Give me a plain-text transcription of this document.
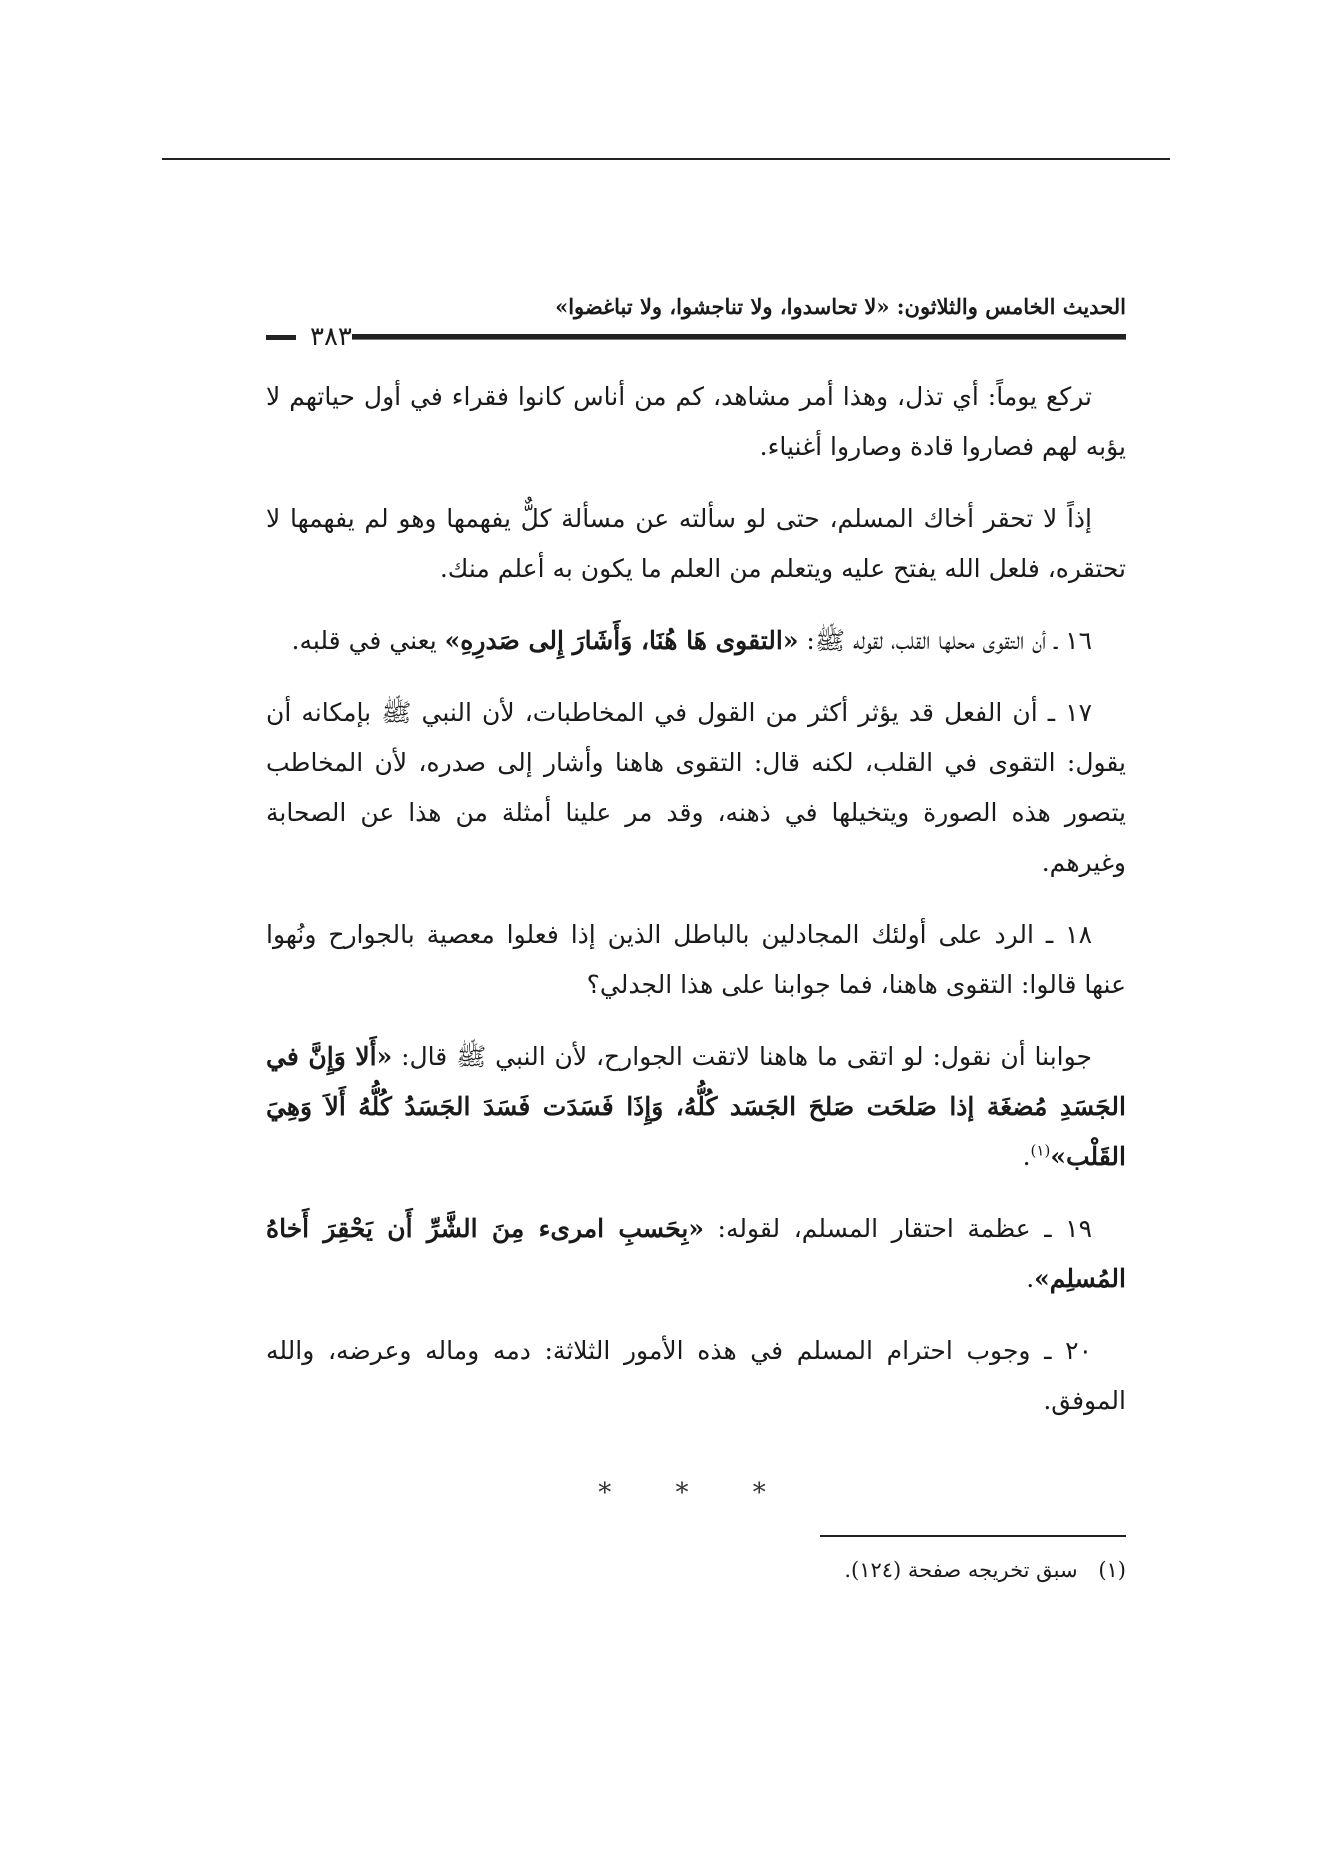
الحديث الخامس والثلاثون: «لا تحاسدوا، ولا تناجشوا، ولا تباغضوا»
٣٨٣

تركع يوماً: أي تذل، وهذا أمر مشاهد، كم من أناس كانوا فقراء في أول حياتهم لا يؤبه لهم فصاروا قادة وصاروا أغنياء.

إذاً لا تحقر أخاك المسلم، حتى لو سألته عن مسألة كلٌّ يفهمها وهو لم يفهمها لا تحتقره، فلعل الله يفتح عليه ويتعلم من العلم ما يكون به أعلم منك.

١٦ ـ أن التقوى محلها القلب، لقوله ﷺ: «التقوى هَا هُنَا، وَأَشَارَ إِلى صَدرِهِ» يعني في قلبه.

١٧ ـ أن الفعل قد يؤثر أكثر من القول في المخاطبات، لأن النبي ﷺ بإمكانه أن يقول: التقوى في القلب، لكنه قال: التقوى هاهنا وأشار إلى صدره، لأن المخاطب يتصور هذه الصورة ويتخيلها في ذهنه، وقد مر علينا أمثلة من هذا عن الصحابة وغيرهم.

١٨ ـ الرد على أولئك المجادلين بالباطل الذين إذا فعلوا معصية بالجوارح ونُهوا عنها قالوا: التقوى هاهنا، فما جوابنا على هذا الجدلي؟

جوابنا أن نقول: لو اتقى ما هاهنا لاتقت الجوارح، لأن النبي ﷺ قال: «أَلا وَإِنَّ في الجَسَدِ مُضغَة إذا صَلحَت صَلحَ الجَسَد كُلُّهُ، وَإِذَا فَسَدَت فَسَدَ الجَسَدُ كُلُّهُ أَلاَ وَهِيَ القَلْب»$^{(١)}$.

١٩ ـ عظمة احتقار المسلم، لقوله: «بِحَسبِ امرىء مِنَ الشَّرِّ أَن يَحْقِرَ أَخاهُ المُسلِم».

٢٠ ـ وجوب احترام المسلم في هذه الأمور الثلاثة: دمه وماله وعرضه، والله الموفق.

* * *
(١) سبق تخريجه صفحة (١٢٤).
